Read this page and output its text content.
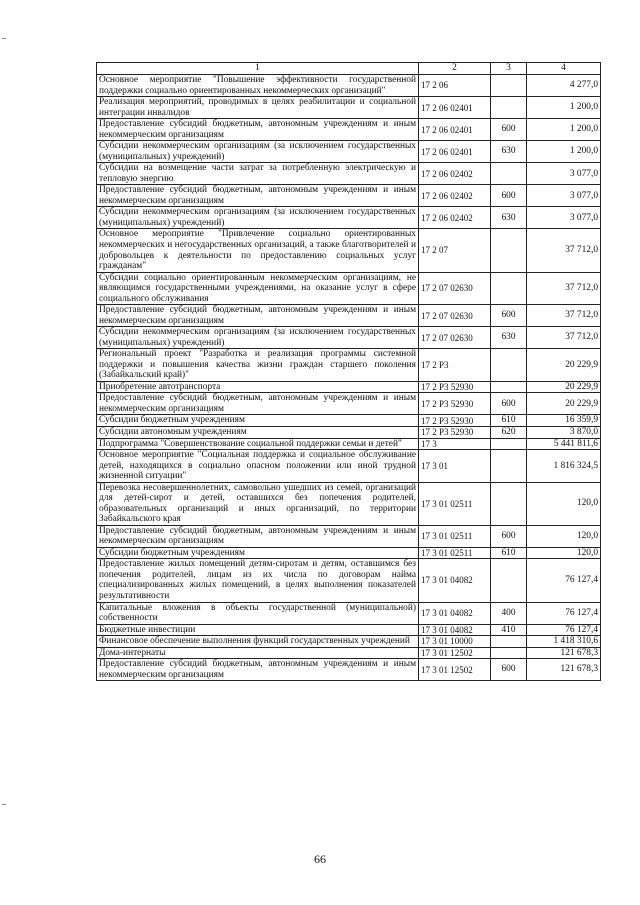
1	2	3	4
Основное мероприятие "Повышение эффективности государственной поддержки социально ориентированных некоммерческих организаций"	17 2 06		4 277,0
Реализация мероприятий, проводимых в целях реабилитации и социальной интеграции инвалидов	17 2 06 02401		1 200,0
Предоставление субсидий бюджетным, автономным учреждениям и иным некоммерческим организациям	17 2 06 02401	600	1 200,0
Субсидии некоммерческим организациям (за исключением государственных (муниципальных) учреждений)	17 2 06 02401	630	1 200,0
Субсидии на возмещение части затрат за потребленную электрическую и тепловую энергию	17 2 06 02402		3 077,0
Предоставление субсидий бюджетным, автономным учреждениям и иным некоммерческим организациям	17 2 06 02402	600	3 077,0
Субсидии некоммерческим организациям (за исключением государственных (муниципальных) учреждений)	17 2 06 02402	630	3 077,0
Основное мероприятие "Привлечение социально ориентированных некоммерческих и негосударственных организаций, а также благотворителей и добровольцев к деятельности по предоставлению социальных услуг гражданам"	17 2 07		37 712,0
Субсидии социально ориентированным некоммерческим организациям, не являющимся государственными учреждениями, на оказание услуг в сфере социального обслуживания	17 2 07 02630		37 712,0
Предоставление субсидий бюджетным, автономным учреждениям и иным некоммерческим организациям	17 2 07 02630	600	37 712,0
Субсидии некоммерческим организациям (за исключением государственных (муниципальных) учреждений)	17 2 07 02630	630	37 712,0
Региональный проект "Разработка и реализация программы системной поддержки и повышения качества жизни граждан старшего поколения (Забайкальский край)"	17 2 P3		20 229,9
Приобретение автотранспорта	17 2 P3 52930		20 229,9
Предоставление субсидий бюджетным, автономным учреждениям и иным некоммерческим организациям	17 2 P3 52930	600	20 229,9
Субсидии бюджетным учреждениям	17 2 P3 52930	610	16 359,9
Субсидии автономным учреждениям	17 2 P3 52930	620	3 870,0
Подпрограмма "Совершенствование социальной поддержки семьи и детей"	17 3		5 441 811,6
Основное мероприятие "Социальная поддержка и социальное обслуживание детей, находящихся в социально опасном положении или иной трудной жизненной ситуации"	17 3 01		1 816 324,5
Перевозка несовершеннолетних, самовольно ушедших из семей, организаций для детей-сирот и детей, оставшихся без попечения родителей, образовательных организаций и иных организаций, по территории Забайкальского края	17 3 01 02511		120,0
Предоставление субсидий бюджетным, автономным учреждениям и иным некоммерческим организациям	17 3 01 02511	600	120,0
Субсидии бюджетным учреждениям	17 3 01 02511	610	120,0
Предоставление жилых помещений детям-сиротам и детям, оставшимся без попечения родителей, лицам из их числа по договорам найма специализированных жилых помещений, в целях выполнения показателей результативности	17 3 01 04082		76 127,4
Капитальные вложения в объекты государственной (муниципальной) собственности	17 3 01 04082	400	76 127,4
Бюджетные инвестиции	17 3 01 04082	410	76 127,4
Финансовое обеспечение выполнения функций государственных учреждений	17 3 01 10000		1 418 310,6
Дома-интернаты	17 3 01 12502		121 678,3
Предоставление субсидий бюджетным, автономным учреждениям и иным некоммерческим организациям	17 3 01 12502	600	121 678,3
66
